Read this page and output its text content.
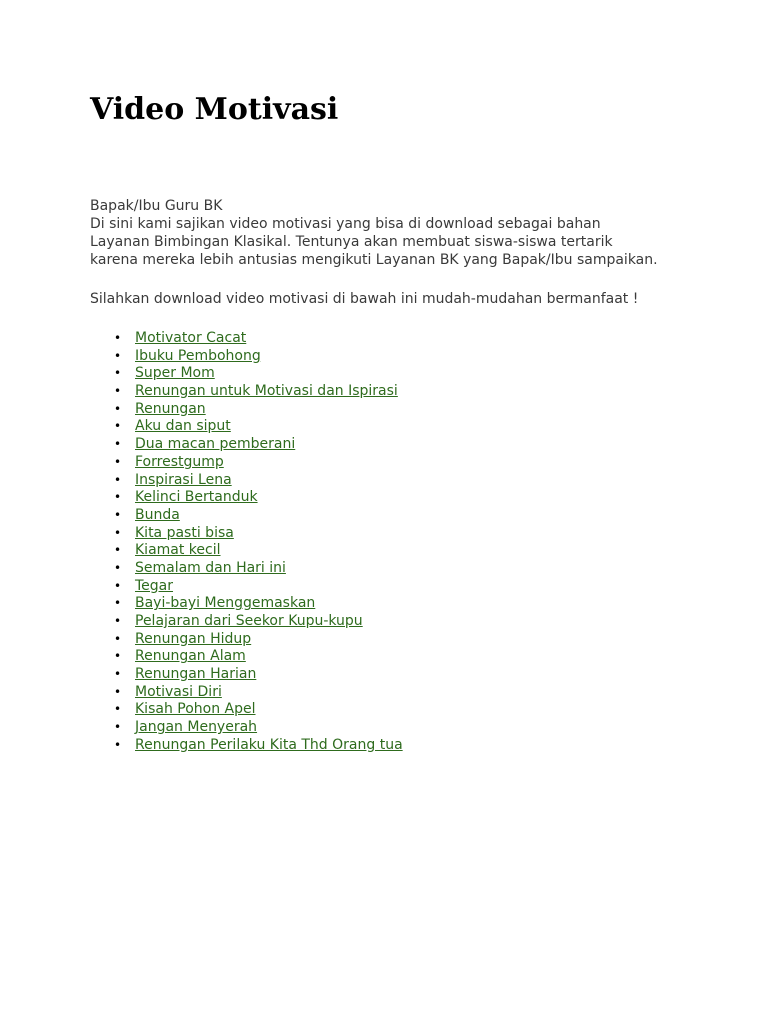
Video Motivasi

Bapak/Ibu Guru BK

Di sini kami sajikan video motivasi yang bisa di download sebagai bahan

Layanan Bimbingan Klasikal. Tentunya akan membuat siswa-siswa tertarik

karena mereka lebih antusias mengikuti Layanan BK yang Bapak/Ibu sampaikan.

Silahkan download video motivasi di bawah ini mudah-mudahan bermanfaat !

• Motivator Cacat
• Ibuku Pembohong
• Super Mom
• Renungan untuk Motivasi dan Ispirasi
• Renungan
• Aku dan siput
• Dua macan pemberani
• Forrestgump
• Inspirasi Lena
• Kelinci Bertanduk
• Bunda
• Kita pasti bisa
• Kiamat kecil
• Semalam dan Hari ini
• Tegar
• Bayi-bayi Menggemaskan
• Pelajaran dari Seekor Kupu-kupu
• Renungan Hidup
• Renungan Alam
• Renungan Harian
• Motivasi Diri
• Kisah Pohon Apel
• Jangan Menyerah
• Renungan Perilaku Kita Thd Orang tua
